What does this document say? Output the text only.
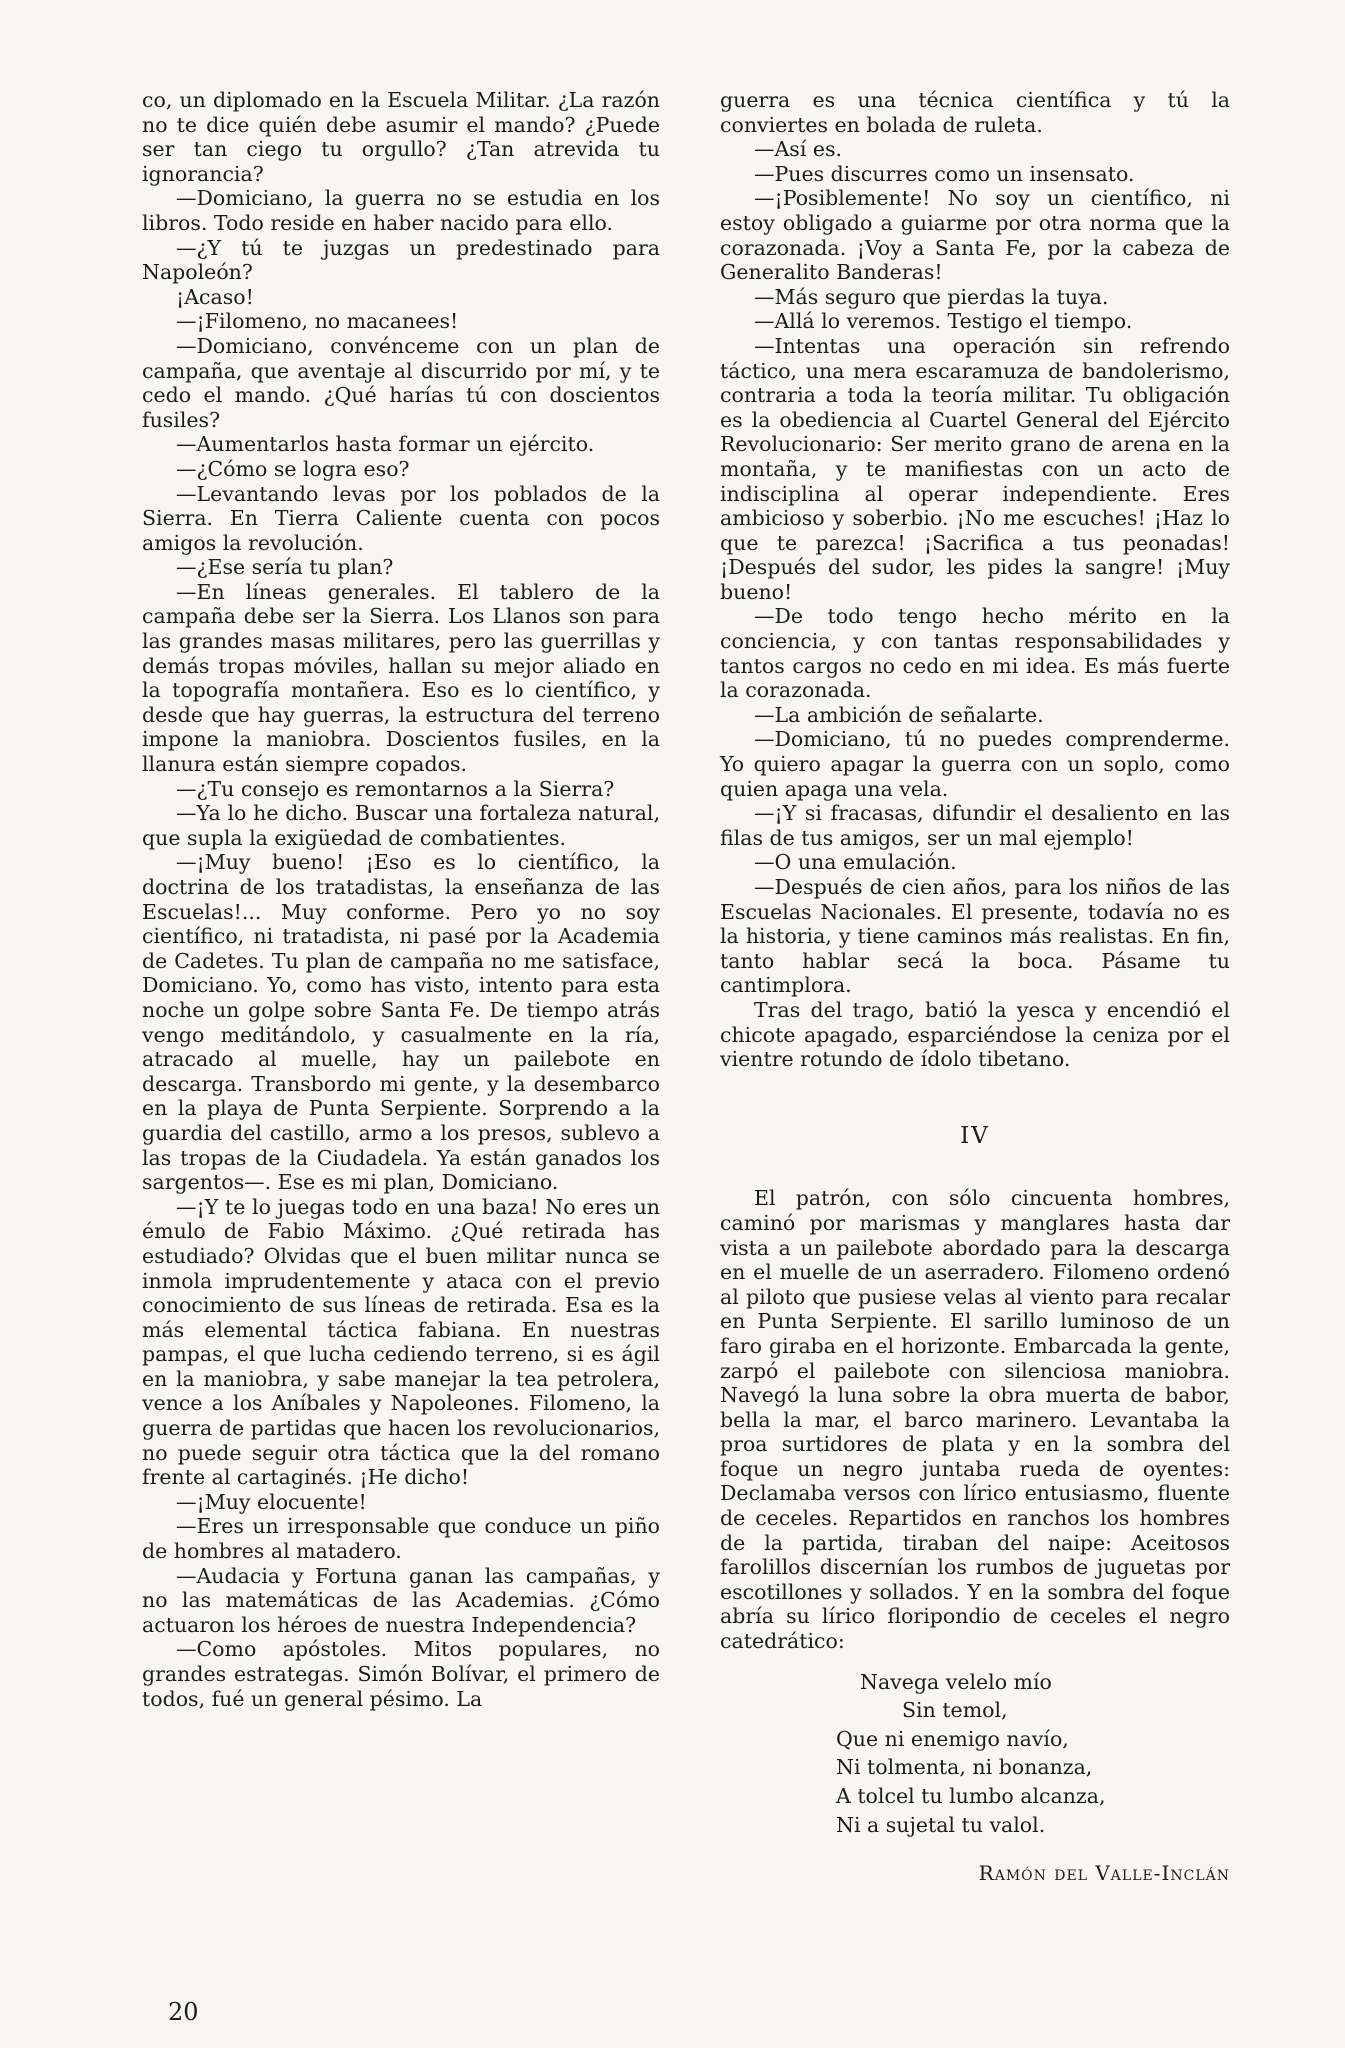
co, un diplomado en la Escuela Militar. ¿La razón no te dice quién debe asumir el mando? ¿Puede ser tan ciego tu orgullo? ¿Tan atrevida tu ignorancia?

—Domiciano, la guerra no se estudia en los libros. Todo reside en haber nacido para ello.

—¿Y tú te juzgas un predestinado para Napoleón?

¡Acaso!

—¡Filomeno, no macanees!

—Domiciano, convénceme con un plan de campaña, que aventaje al discurrido por mí, y te cedo el mando. ¿Qué harías tú con doscientos fusiles?

—Aumentarlos hasta formar un ejército.

—¿Cómo se logra eso?

—Levantando levas por los poblados de la Sierra. En Tierra Caliente cuenta con pocos amigos la revolución.

—¿Ese sería tu plan?

—En líneas generales. El tablero de la campaña debe ser la Sierra. Los Llanos son para las grandes masas militares, pero las guerrillas y demás tropas móviles, hallan su mejor aliado en la topografía montañera. Eso es lo científico, y desde que hay guerras, la estructura del terreno impone la maniobra. Doscientos fusiles, en la llanura están siempre copados.

—¿Tu consejo es remontarnos a la Sierra?

—Ya lo he dicho. Buscar una fortaleza natural, que supla la exigüedad de combatientes.

—¡Muy bueno! ¡Eso es lo científico, la doctrina de los tratadistas, la enseñanza de las Escuelas!... Muy conforme. Pero yo no soy científico, ni tratadista, ni pasé por la Academia de Cadetes. Tu plan de campaña no me satisface, Domiciano. Yo, como has visto, intento para esta noche un golpe sobre Santa Fe. De tiempo atrás vengo meditándolo, y casualmente en la ría, atracado al muelle, hay un pailebote en descarga. Transbordo mi gente, y la desembarco en la playa de Punta Serpiente. Sorprendo a la guardia del castillo, armo a los presos, sublevo a las tropas de la Ciudadela. Ya están ganados los sargentos—. Ese es mi plan, Domiciano.

—¡Y te lo juegas todo en una baza! No eres un émulo de Fabio Máximo. ¿Qué retirada has estudiado? Olvidas que el buen militar nunca se inmola imprudentemente y ataca con el previo conocimiento de sus líneas de retirada. Esa es la más elemental táctica fabiana. En nuestras pampas, el que lucha cediendo terreno, si es ágil en la maniobra, y sabe manejar la tea petrolera, vence a los Aníbales y Napoleones. Filomeno, la guerra de partidas que hacen los revolucionarios, no puede seguir otra táctica que la del romano frente al cartaginés. ¡He dicho!

—¡Muy elocuente!

—Eres un irresponsable que conduce un piño de hombres al matadero.

—Audacia y Fortuna ganan las campañas, y no las matemáticas de las Academias. ¿Cómo actuaron los héroes de nuestra Independencia?

—Como apóstoles. Mitos populares, no grandes estrategas. Simón Bolívar, el primero de todos, fué un general pésimo. La

guerra es una técnica científica y tú la conviertes en bolada de ruleta.

—Así es.

—Pues discurres como un insensato.

—¡Posiblemente! No soy un científico, ni estoy obligado a guiarme por otra norma que la corazonada. ¡Voy a Santa Fe, por la cabeza de Generalito Banderas!

—Más seguro que pierdas la tuya.

—Allá lo veremos. Testigo el tiempo.

—Intentas una operación sin refrendo táctico, una mera escaramuza de bandolerismo, contraria a toda la teoría militar. Tu obligación es la obediencia al Cuartel General del Ejército Revolucionario: Ser merito grano de arena en la montaña, y te manifiestas con un acto de indisciplina al operar independiente. Eres ambicioso y soberbio. ¡No me escuches! ¡Haz lo que te parezca! ¡Sacrifica a tus peonadas! ¡Después del sudor, les pides la sangre! ¡Muy bueno!

—De todo tengo hecho mérito en la conciencia, y con tantas responsabilidades y tantos cargos no cedo en mi idea. Es más fuerte la corazonada.

—La ambición de señalarte.

—Domiciano, tú no puedes comprenderme. Yo quiero apagar la guerra con un soplo, como quien apaga una vela.

—¡Y si fracasas, difundir el desaliento en las filas de tus amigos, ser un mal ejemplo!

—O una emulación.

—Después de cien años, para los niños de las Escuelas Nacionales. El presente, todavía no es la historia, y tiene caminos más realistas. En fin, tanto hablar secá la boca. Pásame tu cantimplora.

Tras del trago, batió la yesca y encendió el chicote apagado, esparciéndose la ceniza por el vientre rotundo de ídolo tibetano.

IV

El patrón, con sólo cincuenta hombres, caminó por marismas y manglares hasta dar vista a un pailebote abordado para la descarga en el muelle de un aserradero. Filomeno ordenó al piloto que pusiese velas al viento para recalar en Punta Serpiente. El sarillo luminoso de un faro giraba en el horizonte. Embarcada la gente, zarpó el pailebote con silenciosa maniobra. Navegó la luna sobre la obra muerta de babor, bella la mar, el barco marinero. Levantaba la proa surtidores de plata y en la sombra del foque un negro juntaba rueda de oyentes: Declamaba versos con lírico entusiasmo, fluente de ceceles. Repartidos en ranchos los hombres de la partida, tiraban del naipe: Aceitosos farolillos discernían los rumbos de juguetas por escotillones y sollados. Y en la sombra del foque abría su lírico floripondio de ceceles el negro catedrático:

Navega velelo mío
Sin temol,
Que ni enemigo navío,
Ni tolmenta, ni bonanza,
A tolcel tu lumbo alcanza,
Ni a sujetal tu valol.

Ramón del Valle-Inclán

20
